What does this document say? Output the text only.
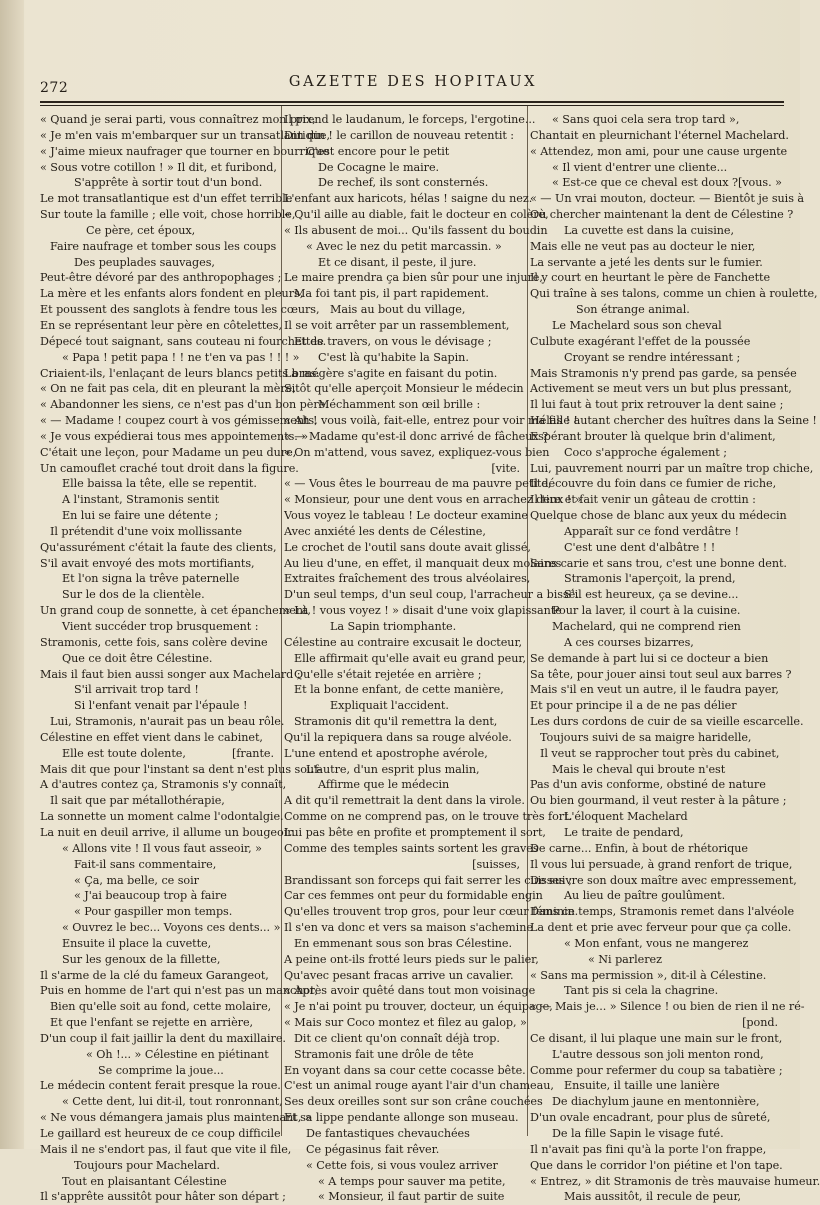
272	GAZETTE DES HOPITAUX
« Quand je serai parti, vous connaîtrez mon prix,
« Je m'en vais m'embarquer sur un transatlantique,
« J'aime mieux naufrager que tourner en bourrique
« Sous votre cotillon ! » Il dit, et furibond,
S'apprête à sortir tout d'un bond.
Le mot transatlantique est d'un effet terrible
Sur toute la famille ; elle voit, chose horrible,
Ce père, cet époux,
Faire naufrage et tomber sous les coups
Des peuplades sauvages,
Peut-être dévoré par des anthropophages ;
La mère et les enfants alors fondent en pleurs,
Et poussent des sanglots à fendre tous les cœurs,
En se représentant leur père en côtelettes,
Dépecé tout saignant, sans couteau ni fourchettes.
« Papa ! petit papa ! ! ne t'en va pas ! ! ! »
Criaient-ils, l'enlaçant de leurs blancs petits bras.
« On ne fait pas cela, dit en pleurant la mère,
« Abandonner les siens, ce n'est pas d'un bon père.
« — Madame ! coupez court à vos gémissements,
« Je vous expédierai tous mes appointements. »
C'était une leçon, pour Madame un peu dure,
Un camouflet craché tout droit dans la figure.
Elle baissa la tête, elle se repentit.
A l'instant, Stramonis sentit
En lui se faire une détente ;
Il prétendit d'une voix mollissante
Qu'assurément c'était la faute des clients,
S'il avait envoyé des mots mortifiants,
Et l'on signa la trêve paternelle
Sur le dos de la clientèle.
Un grand coup de sonnette, à cet épanchement,
Vient succéder trop brusquement :
Stramonis, cette fois, sans colère devine
Que ce doit être Célestine.
Mais il faut bien aussi songer aux Machelard ;
S'il arrivait trop tard !
Si l'enfant venait par l'épaule !
Lui, Stramonis, n'aurait pas un beau rôle.
Célestine en effet vient dans le cabinet,
Elle est toute dolente,	[frante.
Mais dit que pour l'instant sa dent n'est plus souf-
A d'autres contez ça, Stramonis s'y connaît,
Il sait que par métallothérapie,
La sonnette un moment calme l'odontalgie.
La nuit en deuil arrive, il allume un bougeoir.
« Allons vite ! Il vous faut asseoir, »
Fait-il sans commentaire,
« Ça, ma belle, ce soir
« J'ai beaucoup trop à faire
« Pour gaspiller mon temps.
« Ouvrez le bec... Voyons ces dents... »
Ensuite il place la cuvette,
Sur les genoux de la fillette,
Il s'arme de la clé du fameux Garangeot,
Puis en homme de l'art qui n'est pas un manchot,
Bien qu'elle soit au fond, cette molaire,
Et que l'enfant se rejette en arrière,
D'un coup il fait jaillir la dent du maxillaire.
« Oh !... » Célestine en piétinant
Se comprime la joue...
Le médecin content ferait presque la roue.
« Cette dent, lui dit-il, tout ronronnant,
« Ne vous démangera jamais plus maintenant, »
Le gaillard est heureux de ce coup difficile
Mais il ne s'endort pas, il faut que vite il file,
Toujours pour Machelard.
Tout en plaisantant Célestine
Il s'apprête aussitôt pour hâter son départ ;
Il prend le laudanum, le forceps, l'ergotine...
Din din ! le carillon de nouveau retentit :
C'est encore pour le petit
De Cocagne le maire.
De rechef, ils sont consternés.
L'enfant aux haricots, hélas ! saigne du nez.
« Qu'il aille au diable, fait le docteur en colère,
« Ils abusent de moi... Qu'ils fassent du boudin
« Avec le nez du petit marcassin. »
Et ce disant, il peste, il jure.
Le maire prendra ça bien sûr pour une injure,
Ma foi tant pis, il part rapidement.
Mais au bout du village,
Il se voit arrêter par un rassemblement,
Et de travers, on vous le dévisage ;
C'est là qu'habite la Sapin.
La mégère s'agite en faisant du potin.
Sitôt qu'elle aperçoit Monsieur le médecin
Méchamment son œil brille :
« Ah ! vous voilà, fait-elle, entrez pour voir ma fille !
« — Madame qu'est-il donc arrivé de fâcheux ?
« On m'attend, vous savez, expliquez-vous bien
[vite.
« — Vous êtes le bourreau de ma pauvre petite,
« Monsieur, pour une dent vous en arrachez deux ! »
Vous voyez le tableau ! Le docteur examine
Avec anxiété les dents de Célestine,
Le crochet de l'outil sans doute avait glissé,
Au lieu d'une, en effet, il manquait deux molaires
Extraites fraîchement des trous alvéolaires,
D'un seul temps, d'un seul coup, l'arracheur a bissé.
« Là ! vous voyez ! » disait d'une voix glapissante
La Sapin triomphante.
Célestine au contraire excusait le docteur,
Elle affirmait qu'elle avait eu grand peur,
Qu'elle s'était rejetée en arrière ;
Et la bonne enfant, de cette manière,
Expliquait l'accident.
Stramonis dit qu'il remettra la dent,
Qu'il la repiquera dans sa rouge alvéole.
L'une entend et apostrophe avérole,
L'autre, d'un esprit plus malin,
Affirme que le médecin
A dit qu'il remettrait la dent dans la virole.
Comme on ne comprend pas, on le trouve très fort.
Lui pas bête en profite et promptement il sort,
Comme des temples saints sortent les graves
[suisses,
Brandissant son forceps qui fait serrer les cuisses ;
Car ces femmes ont peur du formidable engin
Qu'elles trouvent trop gros, pour leur cœur féminin.
Il s'en va donc et vers sa maison s'achemine
En emmenant sous son bras Célestine.
A peine ont-ils frotté leurs pieds sur le palier,
Qu'avec pesant fracas arrive un cavalier.
« Après avoir quêté dans tout mon voisinage
« Je n'ai point pu trouver, docteur, un équipage,
« Mais sur Coco montez et filez au galop, »
Dit ce client qu'on connaît déjà trop.
Stramonis fait une drôle de tête
En voyant dans sa cour cette cocasse bête.
C'est un animal rouge ayant l'air d'un chameau,
Ses deux oreilles sont sur son crâne couchées
Et sa lippe pendante allonge son museau.
De fantastiques chevauchées
Ce pégasinus fait rêver.
« Cette fois, si vous voulez arriver
« A temps pour sauver ma petite,
« Monsieur, il faut partir de suite
« Sans quoi cela sera trop tard »,
Chantait en pleurnichant l'éternel Machelard.
« Attendez, mon ami, pour une cause urgente
« Il vient d'entrer une cliente...
« Est-ce que ce cheval est doux ? [vous. »
« — Un vrai mouton, docteur. — Bientôt je suis à
Où chercher maintenant la dent de Célestine ?
La cuvette est dans la cuisine,
Mais elle ne veut pas au docteur le nier,
La servante a jeté les dents sur le fumier.
Il y court en heurtant le père de Fanchette
Qui traîne à ses talons, comme un chien à roulette,
Son étrange animal.
Le Machelard sous son cheval
Culbute exagérant l'effet de la poussée
Croyant se rendre intéressant ;
Mais Stramonis n'y prend pas garde, sa pensée
Activement se meut vers un but plus pressant,
Il lui faut à tout prix retrouver la dent saine ;
Hélas ! autant chercher des huîtres dans la Seine !
Espérant brouter là quelque brin d'aliment,
Coco s'approche également ;
Lui, pauvrement nourri par un maître trop chiche,
Il découvre du foin dans ce fumier de riche,
Il tire et fait venir un gâteau de crottin :
Quelque chose de blanc aux yeux du médecin
Apparaît sur ce fond verdâtre !
C'est une dent d'albâtre ! !
Sans carie et sans trou, c'est une bonne dent.
Stramonis l'aperçoit, la prend,
S'il est heureux, ça se devine...
Pour la laver, il court à la cuisine.
Machelard, qui ne comprend rien
A ces courses bizarres,
Se demande à part lui si ce docteur a bien
Sa tête, pour jouer ainsi tout seul aux barres ?
Mais s'il en veut un autre, il le faudra payer,
Et pour principe il a de ne pas délier
Les durs cordons de cuir de sa vieille escarcelle.
Toujours suivi de sa maigre haridelle,
Il veut se rapprocher tout près du cabinet,
Mais le cheval qui broute n'est
Pas d'un avis conforme, obstiné de nature
Ou bien gourmand, il veut rester à la pâture ;
L'éloquent Machelard
Le traite de pendard,
De carne... Enfin, à bout de rhétorique
Il vous lui persuade, à grand renfort de trique,
De suivre son doux maître avec empressement,
Au lieu de paître goulûment.
Dans ce temps, Stramonis remet dans l'alvéole
La dent et prie avec ferveur pour que ça colle.
« Mon enfant, vous ne mangerez
« Ni parlerez
« Sans ma permission », dit-il à Célestine.
Tant pis si cela la chagrine.
« — Mais je... » Silence ! ou bien de rien il ne ré-
[pond.
Ce disant, il lui plaque une main sur le front,
L'autre dessous son joli menton rond,
Comme pour refermer du coup sa tabatière ;
Ensuite, il taille une lanière
De diachylum jaune en mentonnière,
D'un ovale encadrant, pour plus de sûreté,
De la fille Sapin le visage futé.
Il n'avait pas fini qu'à la porte l'on frappe,
Que dans le corridor l'on piétine et l'on tape.
« Entrez, » dit Stramonis de très mauvaise humeur.
Mais aussitôt, il recule de peur,
